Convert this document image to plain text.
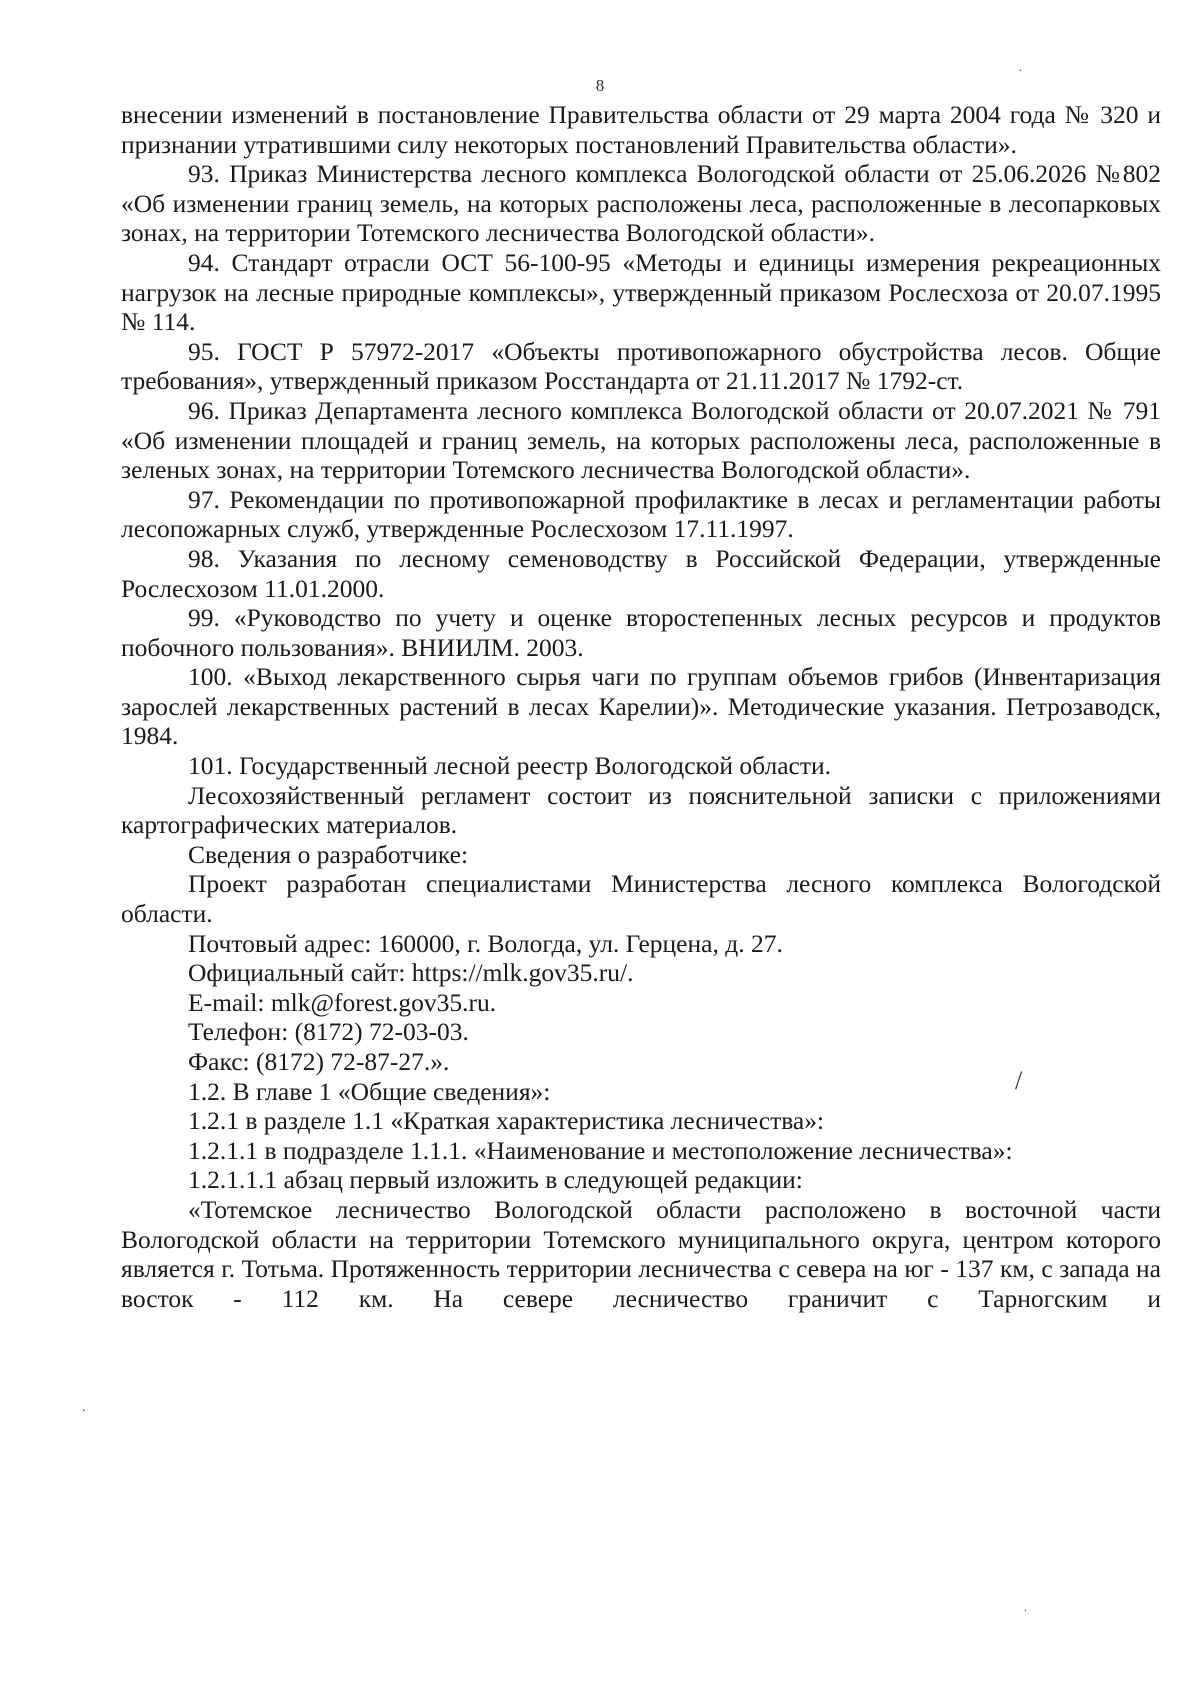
8

внесении изменений в постановление Правительства области от 29 марта 2004 года № 320 и признании утратившими силу некоторых постановлений Правительства области».

93. Приказ Министерства лесного комплекса Вологодской области от 25.06.2026 №802 «Об изменении границ земель, на которых расположены леса, расположенные в лесопарковых зонах, на территории Тотемского лесничества Вологодской области».

94. Стандарт отрасли ОСТ 56-100-95 «Методы и единицы измерения рекреационных нагрузок на лесные природные комплексы», утвержденный приказом Рослесхоза от 20.07.1995 № 114.

95. ГОСТ Р 57972-2017 «Объекты противопожарного обустройства лесов. Общие требования», утвержденный приказом Росстандарта от 21.11.2017 № 1792-ст.

96. Приказ Департамента лесного комплекса Вологодской области от 20.07.2021 № 791 «Об изменении площадей и границ земель, на которых расположены леса, расположенные в зеленых зонах, на территории Тотемского лесничества Вологодской области».

97. Рекомендации по противопожарной профилактике в лесах и регламентации работы лесопожарных служб, утвержденные Рослесхозом 17.11.1997.

98. Указания по лесному семеноводству в Российской Федерации, утвержденные Рослесхозом 11.01.2000.

99. «Руководство по учету и оценке второстепенных лесных ресурсов и продуктов побочного пользования». ВНИИЛМ. 2003.

100. «Выход лекарственного сырья чаги по группам объемов грибов (Инвентаризация зарослей лекарственных растений в лесах Карелии)». Методические указания. Петрозаводск, 1984.

101. Государственный лесной реестр Вологодской области.

Лесохозяйственный регламент состоит из пояснительной записки с приложениями картографических материалов.

Сведения о разработчике:

Проект разработан специалистами Министерства лесного комплекса Вологодской области.

Почтовый адрес: 160000, г. Вологда, ул. Герцена, д. 27.

Официальный сайт: https://mlk.gov35.ru/.

E-mail: mlk@forest.gov35.ru.

Телефон: (8172) 72-03-03.

Факс: (8172) 72-87-27.».

1.2. В главе 1 «Общие сведения»:

1.2.1 в разделе 1.1 «Краткая характеристика лесничества»:

1.2.1.1 в подразделе 1.1.1. «Наименование и местоположение лесничества»:

1.2.1.1.1 абзац первый изложить в следующей редакции:

«Тотемское лесничество Вологодской области расположено в восточной части Вологодской области на территории Тотемского муниципального округа, центром которого является г. Тотьма. Протяженность территории лесничества с севера на юг - 137 км, с запада на восток - 112 км. На севере лесничество граничит с Тарногским и

/
.
.
.
